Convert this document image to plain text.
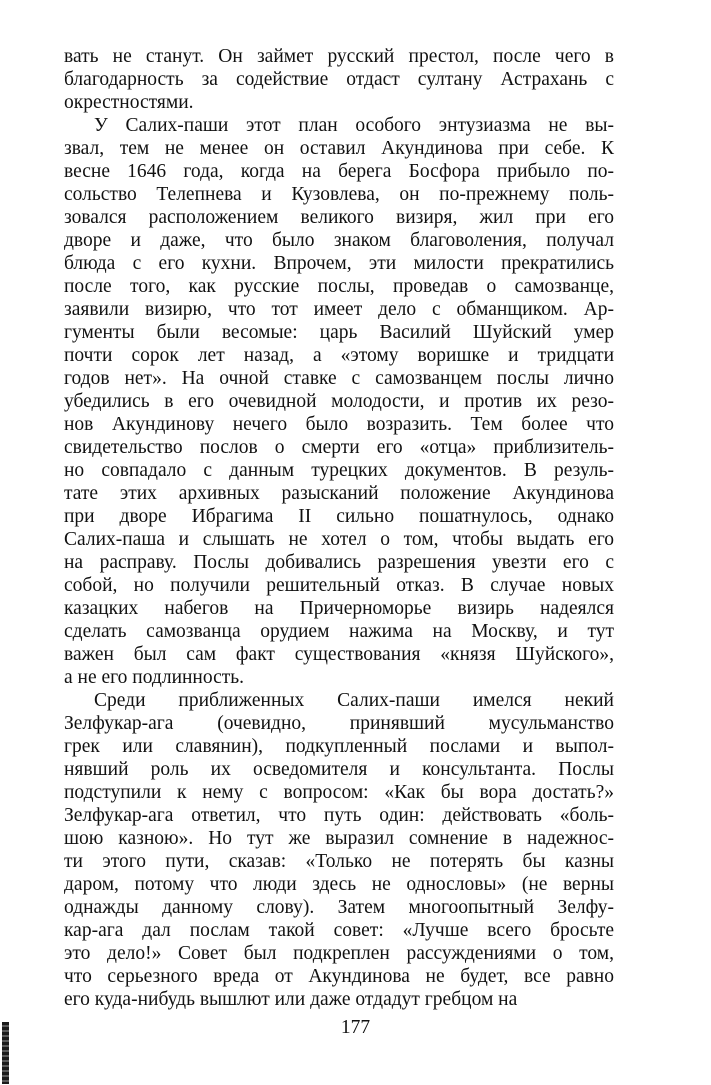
вать не станут. Он займет русский престол, после чего в
благодарность за содействие отдаст султану Астрахань с
окрестностями.
У Салих-паши этот план особого энтузиазма не вы-
звал, тем не менее он оставил Акундинова при себе. К
весне 1646 года, когда на берега Босфора прибыло по-
сольство Телепнева и Кузовлева, он по-прежнему поль-
зовался расположением великого визиря, жил при его
дворе и даже, что было знаком благоволения, получал
блюда с его кухни. Впрочем, эти милости прекратились
после того, как русские послы, проведав о самозванце,
заявили визирю, что тот имеет дело с обманщиком. Ар-
гументы были весомые: царь Василий Шуйский умер
почти сорок лет назад, а «этому воришке и тридцати
годов нет». На очной ставке с самозванцем послы лично
убедились в его очевидной молодости, и против их резо-
нов Акундинову нечего было возразить. Тем более что
свидетельство послов о смерти его «отца» приблизитель-
но совпадало с данным турецких документов. В резуль-
тате этих архивных разысканий положение Акундинова
при дворе Ибрагима II сильно пошатнулось, однако
Салих-паша и слышать не хотел о том, чтобы выдать его
на расправу. Послы добивались разрешения увезти его с
собой, но получили решительный отказ. В случае новых
казацких набегов на Причерноморье визирь надеялся
сделать самозванца орудием нажима на Москву, и тут
важен был сам факт существования «князя Шуйского»,
а не его подлинность.
Среди приближенных Салих-паши имелся некий
Зелфукар-ага (очевидно, принявший мусульманство
грек или славянин), подкупленный послами и выпол-
нявший роль их осведомителя и консультанта. Послы
подступили к нему с вопросом: «Как бы вора достать?»
Зелфукар-ага ответил, что путь один: действовать «боль-
шою казною». Но тут же выразил сомнение в надежнос-
ти этого пути, сказав: «Только не потерять бы казны
даром, потому что люди здесь не однословы» (не верны
однажды данному слову). Затем многоопытный Зелфу-
кар-ага дал послам такой совет: «Лучше всего бросьте
это дело!» Совет был подкреплен рассуждениями о том,
что серьезного вреда от Акундинова не будет, все равно
его куда-нибудь вышлют или даже отдадут гребцом на
177
